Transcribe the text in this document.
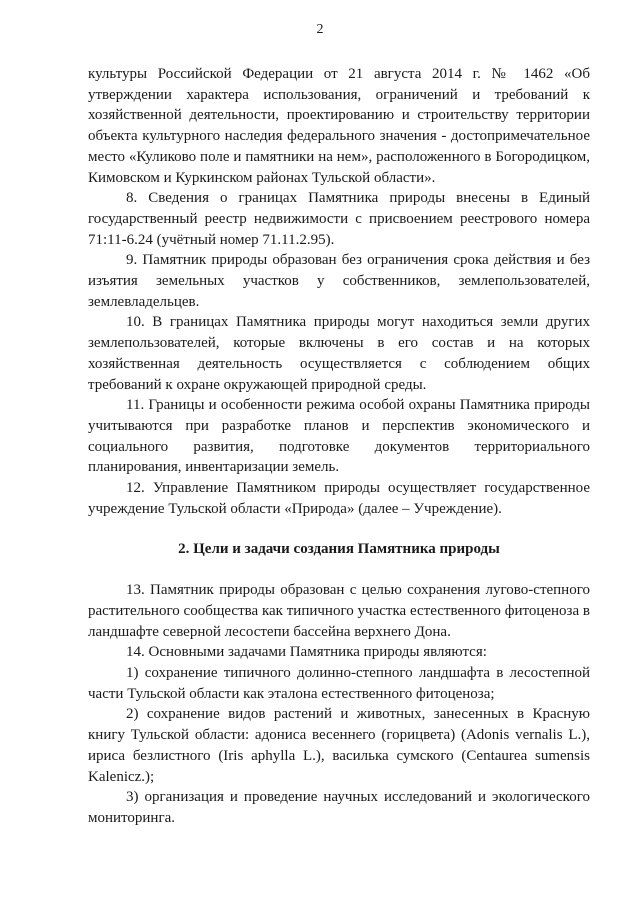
2

культуры Российской Федерации от 21 августа 2014 г. № 1462 «Об утверждении характера использования, ограничений и требований к хозяйственной деятельности, проектированию и строительству территории объекта культурного наследия федерального значения - достопримечательное место «Куликово поле и памятники на нем», расположенного в Богородицком, Кимовском и Куркинском районах Тульской области».

8. Сведения о границах Памятника природы внесены в Единый государственный реестр недвижимости с присвоением реестрового номера 71:11-6.24 (учётный номер 71.11.2.95).

9. Памятник природы образован без ограничения срока действия и без изъятия земельных участков у собственников, землепользователей, землевладельцев.

10. В границах Памятника природы могут находиться земли других землепользователей, которые включены в его состав и на которых хозяйственная деятельность осуществляется с соблюдением общих требований к охране окружающей природной среды.

11. Границы и особенности режима особой охраны Памятника природы учитываются при разработке планов и перспектив экономического и социального развития, подготовке документов территориального планирования, инвентаризации земель.

12. Управление Памятником природы осуществляет государственное учреждение Тульской области «Природа» (далее – Учреждение).

2. Цели и задачи создания Памятника природы

13. Памятник природы образован с целью сохранения лугово-степного растительного сообщества как типичного участка естественного фитоценоза в ландшафте северной лесостепи бассейна верхнего Дона.

14. Основными задачами Памятника природы являются:

1) сохранение типичного долинно-степного ландшафта в лесостепной части Тульской области как эталона естественного фитоценоза;

2) сохранение видов растений и животных, занесенных в Красную книгу Тульской области: адониса весеннего (горицвета) (Adonis vernalis L.), ириса безлистного (Iris aphylla L.), василька сумского (Centaurea sumensis Kalenicz.);

3) организация и проведение научных исследований и экологического мониторинга.
